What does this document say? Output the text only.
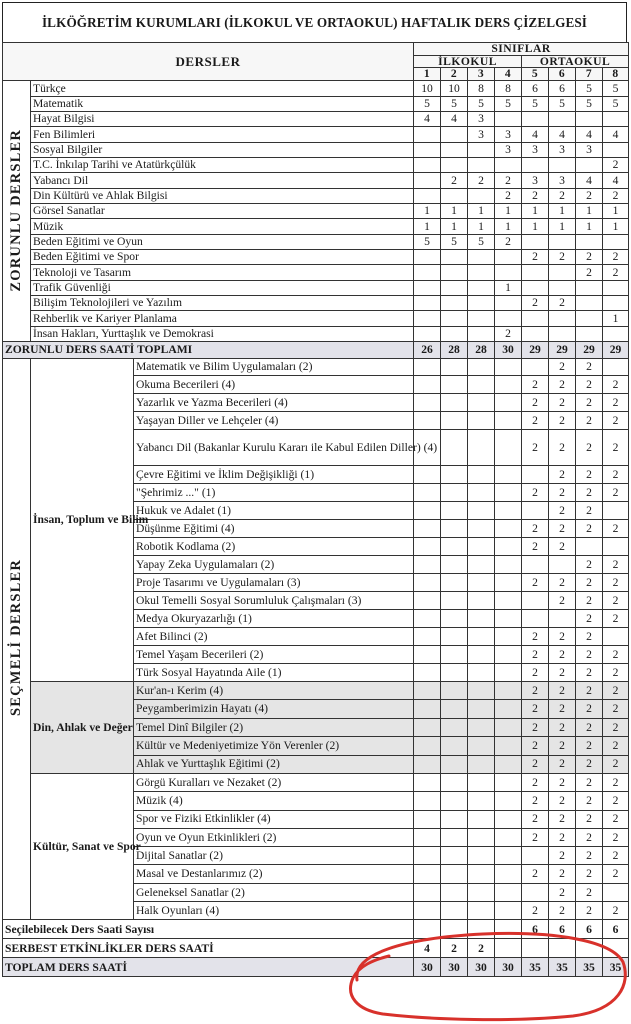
İLKÖĞRETİM KURUMLARI (İLKOKUL VE ORTAOKUL) HAFTALIK DERS ÇİZELGESİ
DERSLER			SINIFLAR							
			İLKOKUL				ORTAOKUL			
			1	2	3	4	5	6	7	8
ZORUNLU DERSLER	Türkçe		10	10	8	8	6	6	5	5
	Matematik		5	5	5	5	5	5	5	5
	Hayat Bilgisi		4	4	3					
	Fen Bilimleri				3	3	4	4	4	4
	Sosyal Bilgiler					3	3	3	3	
	T.C. İnkılap Tarihi ve Atatürkçülük									2
	Yabancı Dil			2	2	2	3	3	4	4
	Din Kültürü ve Ahlak Bilgisi					2	2	2	2	2
	Görsel Sanatlar		1	1	1	1	1	1	1	1
	Müzik		1	1	1	1	1	1	1	1
	Beden Eğitimi ve Oyun		5	5	5	2				
	Beden Eğitimi ve Spor						2	2	2	2
	Teknoloji ve Tasarım								2	2
	Trafik Güvenliği					1				
	Bilişim Teknolojileri ve Yazılım						2	2		
	Rehberlik ve Kariyer Planlama									1
	İnsan Hakları, Yurttaşlık ve Demokrasi					2				
ZORUNLU DERS SAATİ TOPLAMI			26	28	28	30	29	29	29	29
SEÇMELİ DERSLER	İnsan, Toplum ve Bilim	Matematik ve Bilim Uygulamaları (2)						2	2	
		Okuma Becerileri (4)					2	2	2	2
		Yazarlık ve Yazma Becerileri (4)					2	2	2	2
		Yaşayan Diller ve Lehçeler (4)					2	2	2	2
		Yabancı Dil (Bakanlar Kurulu Kararı ile Kabul Edilen Diller) (4)					2	2	2	2
		Çevre Eğitimi ve İklim Değişikliği (1)						2	2	2
		"Şehrimiz ..." (1)					2	2	2	2
		Hukuk ve Adalet (1)						2	2	
		Düşünme Eğitimi (4)					2	2	2	2
		Robotik Kodlama (2)					2	2		
		Yapay Zeka Uygulamaları (2)							2	2
		Proje Tasarımı ve Uygulamaları (3)					2	2	2	2
		Okul Temelli Sosyal Sorumluluk Çalışmaları (3)						2	2	2
		Medya Okuryazarlığı (1)							2	2
		Afet Bilinci (2)					2	2	2	
		Temel Yaşam Becerileri (2)					2	2	2	2
		Türk Sosyal Hayatında Aile (1)					2	2	2	2
	Din, Ahlak ve Değer	Kur'an-ı Kerim (4)					2	2	2	2
		Peygamberimizin Hayatı (4)					2	2	2	2
		Temel Dinî Bilgiler (2)					2	2	2	2
		Kültür ve Medeniyetimize Yön Verenler (2)					2	2	2	2
		Ahlak ve Yurttaşlık Eğitimi (2)					2	2	2	2
	Kültür, Sanat ve Spor	Görgü Kuralları ve Nezaket (2)					2	2	2	2
		Müzik (4)					2	2	2	2
		Spor ve Fiziki Etkinlikler (4)					2	2	2	2
		Oyun ve Oyun Etkinlikleri (2)					2	2	2	2
		Dijital Sanatlar (2)						2	2	2
		Masal ve Destanlarımız (2)					2	2	2	2
		Geleneksel Sanatlar (2)						2	2	
		Halk Oyunları (4)					2	2	2	2
Seçilebilecek Ders Saati Sayısı							6	6	6	6
SERBEST ETKİNLİKLER DERS SAATİ			4	2	2					
TOPLAM DERS SAATİ			30	30	30	30	35	35	35	35
